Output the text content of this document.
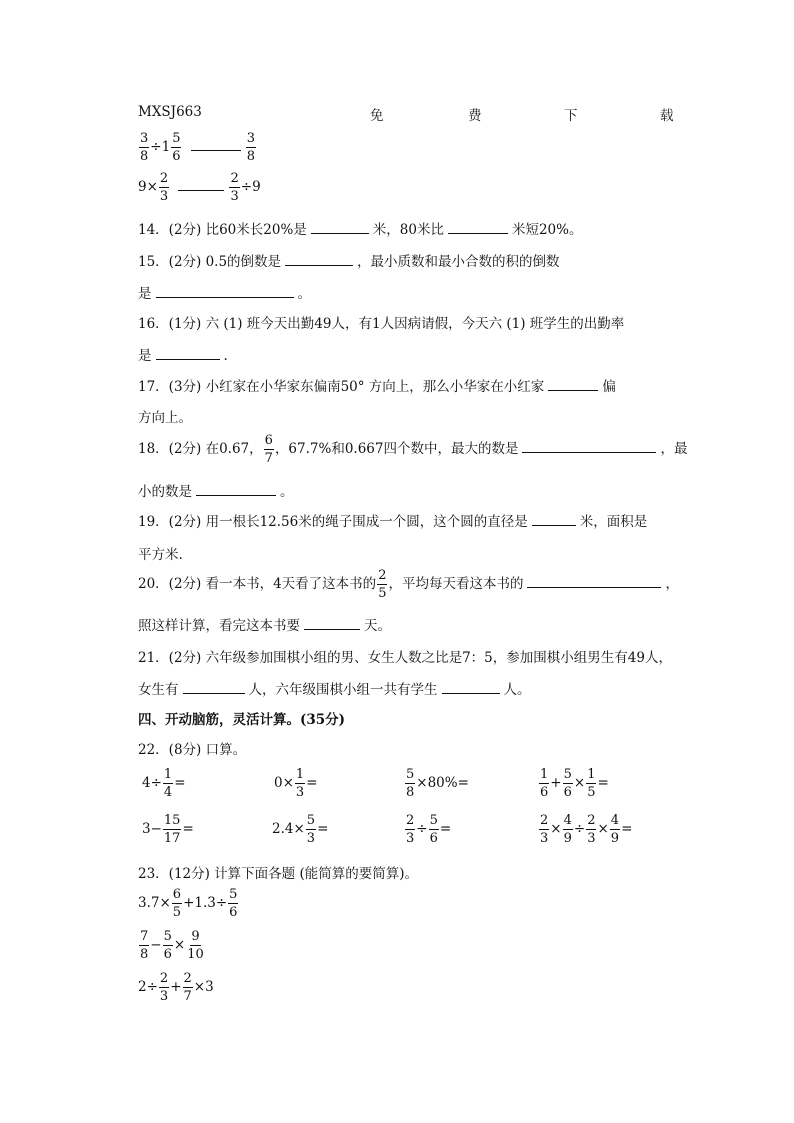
MXSJ663	免	费	下	载
$\frac{3}{8} \div 1 \frac{5}{6}$
	$\frac{3}{8}$
$9\times \frac{2}{3}$
	$\frac{2}{3} \div 9$
14．(2分) 比60米长20%是	米，80米比	米短20%。
15．(2分) 0.5的倒数是	，最小质数和最小合数的积的倒数
是	。
16．(1分) 六 (1) 班今天出勤49人，有1人因病请假，今天六 (1) 班学生的出勤率
是	.
17．(3分) 小红家在小华家东偏南50° 方向上，那么小华家在小红家	偏
方向上。
18．(2分) 在0.67， $\frac{6}{7}$ ，67.7%和0.667四个数中，最大的数是	，最
小的数是	。
19．(2分) 用一根长12.56米的绳子围成一个圆，这个圆的直径是	米，面积是
平方米.
20．(2分) 看一本书，4天看了这本书的 $\frac{2}{5}$ ，平均每天看这本书的	，
照这样计算，看完这本书要	天。
21．(2分) 六年级参加围棋小组的男、女生人数之比是7：5，参加围棋小组男生有49人，
女生有	人，六年级围棋小组一共有学生	人。
四、开动脑筋，灵活计算。(35分)
22．(8分) 口算。
$4\div \frac{1}{4}$ =	$0\times \frac{1}{3}$ =	$\frac{5}{8} \times 80\%=$	$\frac{1}{6} + \frac{5}{6} \times \frac{1}{5}$ =
$3- \frac{15}{17}$ =	$2.4\times \frac{5}{3}$ =	$\frac{2}{3} \div \frac{5}{6}$ =	$\frac{2}{3} \times \frac{4}{9} \div \frac{2}{3} \times \frac{4}{9}$ =
23．(12分) 计算下面各题 (能简算的要简算)。
$3.7\times \frac{6}{5} +1.3\div \frac{5}{6}$
$\frac{7}{8} - \frac{5}{6} \times \frac{9}{10}$
$2\div \frac{2}{3} + \frac{2}{7} \times 3$
